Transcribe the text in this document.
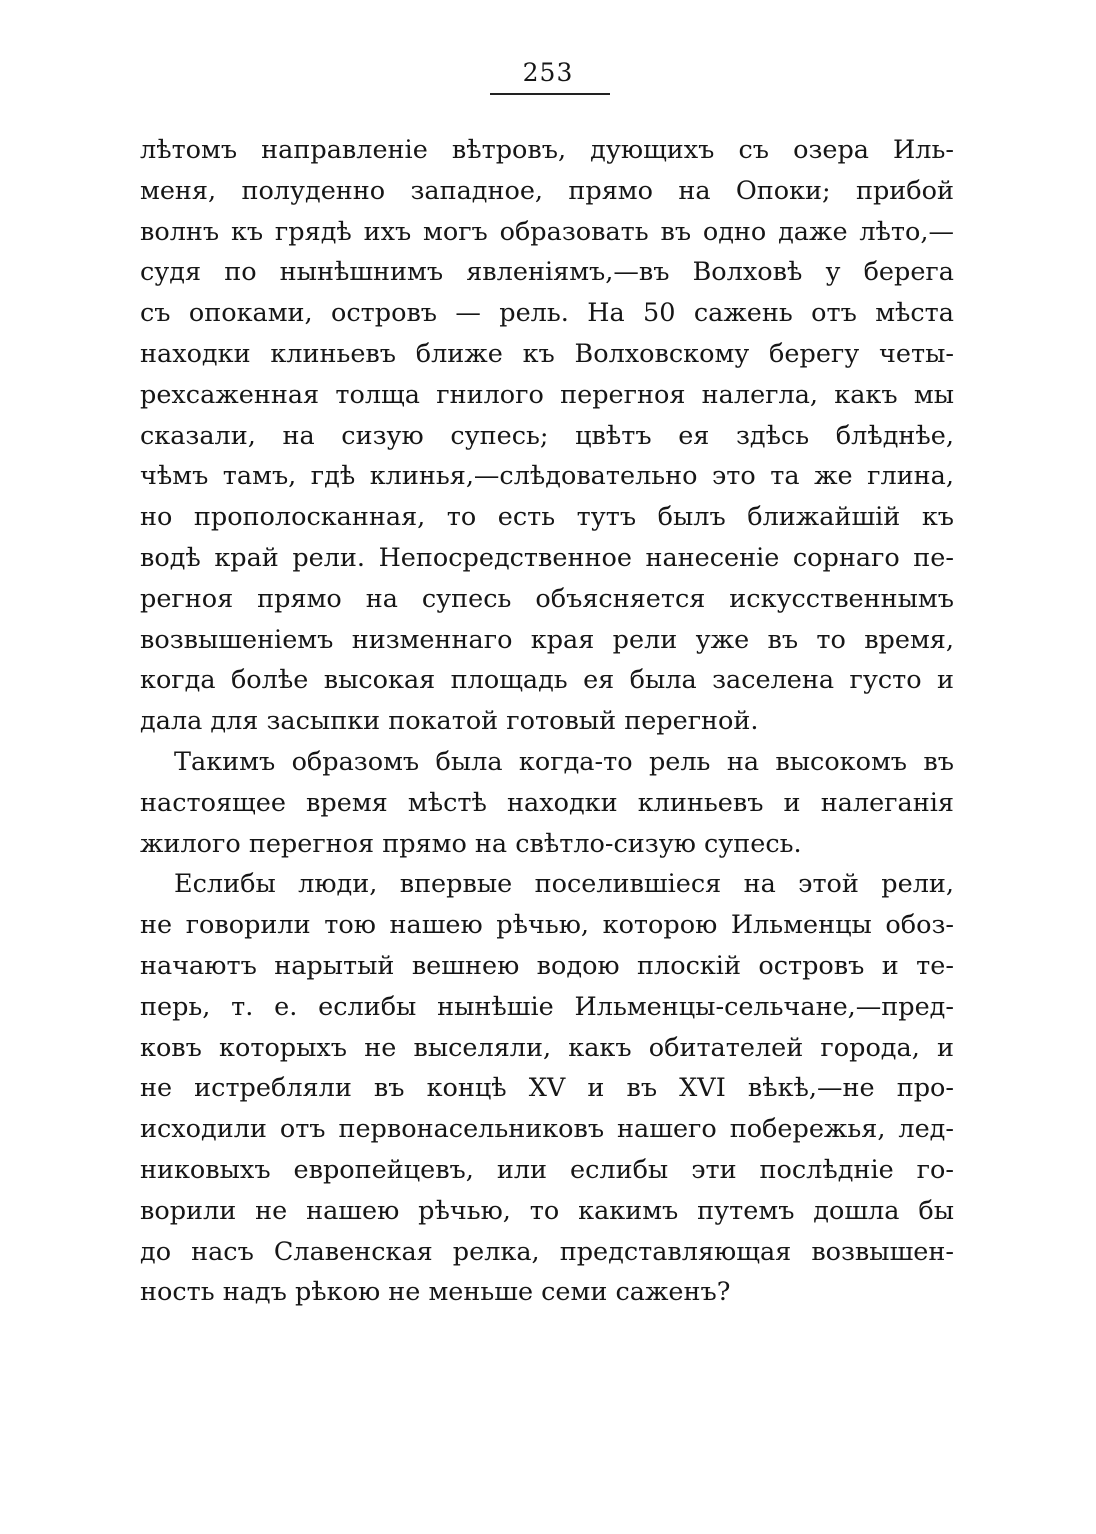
253
лѣтомъ направленіе вѣтровъ, дующихъ съ озера Иль-
меня, полуденно западное, прямо на Опоки; прибой
волнъ къ грядѣ ихъ могъ образовать въ одно даже лѣто,—
судя по нынѣшнимъ явленіямъ,—въ Волховѣ у берега
съ опоками, островъ — рель. На 50 сажень отъ мѣста
находки клиньевъ ближе къ Волховскому берегу четы-
рехсаженная толща гнилого перегноя налегла, какъ мы
сказали, на сизую супесь; цвѣтъ ея здѣсь блѣднѣе,
чѣмъ тамъ, гдѣ клинья,—слѣдовательно это та же глина,
но прополосканная, то есть тутъ былъ ближайшій къ
водѣ край рели. Непосредственное нанесеніе сорнаго пе-
регноя прямо на супесь объясняется искусственнымъ
возвышеніемъ низменнаго края рели уже въ то время,
когда болѣе высокая площадь ея была заселена густо и
дала для засыпки покатой готовый перегной.
Такимъ образомъ была когда-то рель на высокомъ въ
настоящее время мѣстѣ находки клиньевъ и налеганія
жилого перегноя прямо на свѣтло-сизую супесь.
Еслибы люди, впервые поселившіеся на этой рели,
не говорили тою нашею рѣчью, которою Ильменцы обоз-
начаютъ нарытый вешнею водою плоскій островъ и те-
перь, т. е. еслибы нынѣшіе Ильменцы-сельчане,—пред-
ковъ которыхъ не выселяли, какъ обитателей города, и
не истребляли въ концѣ XV и въ XVI вѣкѣ,—не про-
исходили отъ первонасельниковъ нашего побережья, лед-
никовыхъ европейцевъ, или еслибы эти послѣдніе го-
ворили не нашею рѣчью, то какимъ путемъ дошла бы
до насъ Славенская релка, представляющая возвышен-
ность надъ рѣкою не меньше семи саженъ?
